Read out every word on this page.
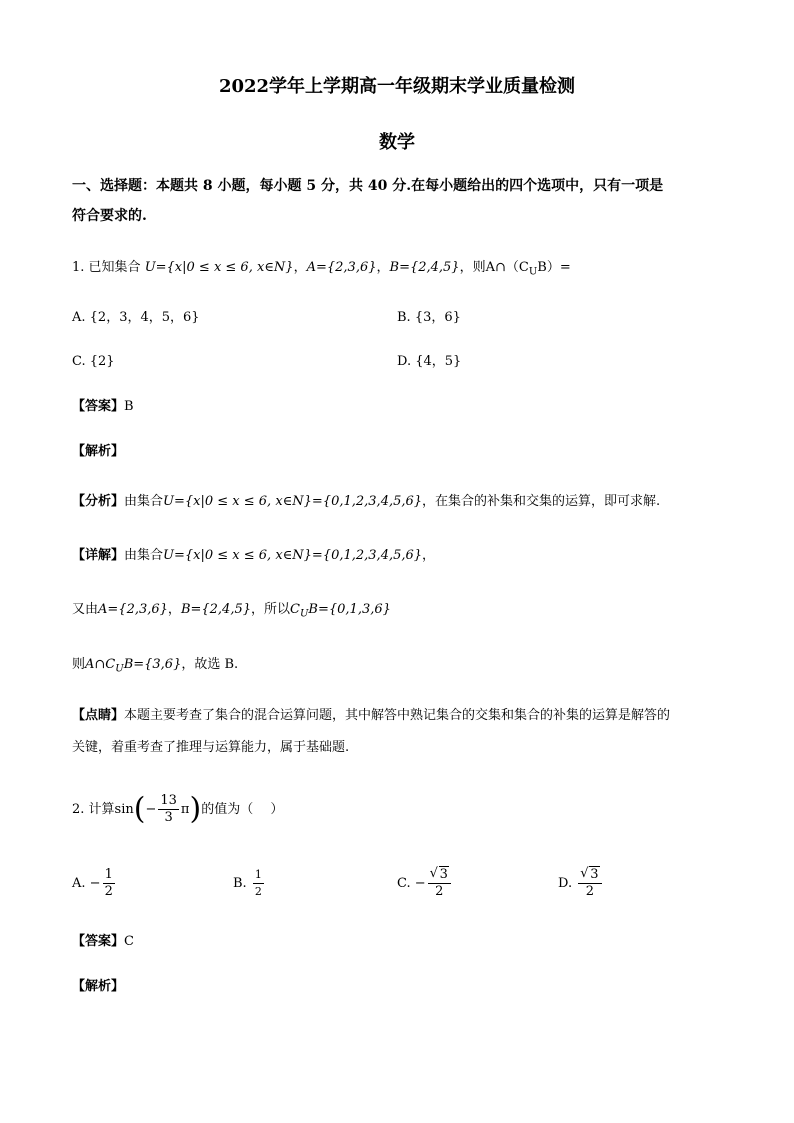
2022学年上学期高一年级期末学业质量检测
数学
一、选择题：本题共 8 小题，每小题 5 分，共 40 分.在每小题给出的四个选项中，只有一项是
符合要求的.
1. 已知集合 U={x|0 ≤ x ≤ 6, x∈N}，A={2,3,6}，B={2,4,5}，则$A\cap(C_UB)=$
A. {2，3，4，5，6}	B. {3，6}
C. {2}	D. {4，5}
【答案】B
【解析】
【分析】由集合U={x|0 ≤ x ≤ 6, x∈N}={0,1,2,3,4,5,6}，在集合的补集和交集的运算，即可求解.
【详解】由集合U={x|0 ≤ x ≤ 6, x∈N}={0,1,2,3,4,5,6}，
又由A={2,3,6}，B={2,4,5}，所以$C_UB=\{0,1,3,6\}$
则$A\cap C_UB=\{3,6\}$，故选 B.
【点睛】本题主要考查了集合的混合运算问题，其中解答中熟记集合的交集和集合的补集的运算是解答的
关键，着重考查了推理与运算能力，属于基础题.
2. 计算$\sin(- \frac{13}{3} \pi)$的值为（　 ）
A. − $\frac{1}{2}$	B. $\frac{1}{2}$	C. − √ $\frac{3}{2}$	D. √ $\frac{3}{2}$
【答案】C
【解析】
